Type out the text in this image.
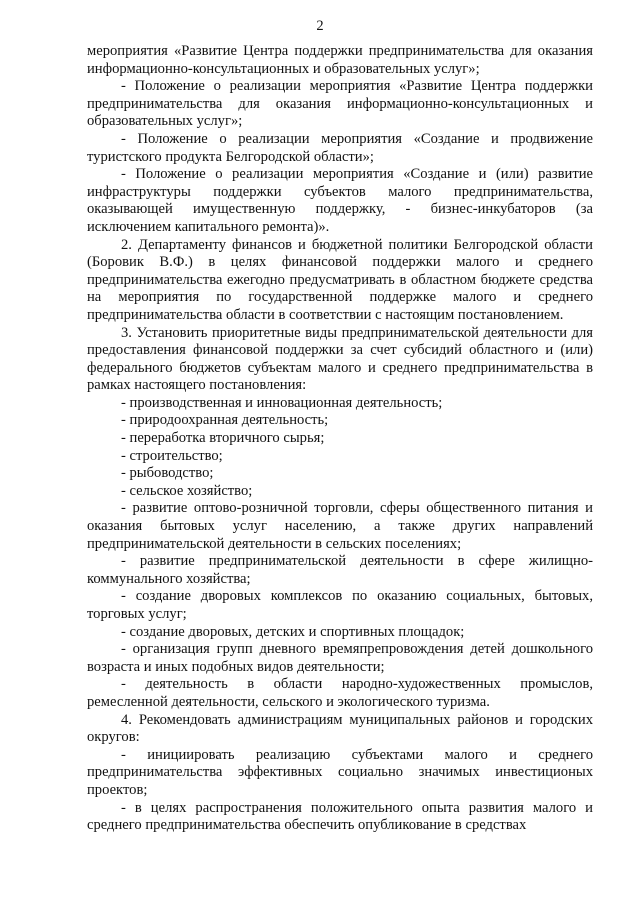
2

мероприятия «Развитие Центра поддержки предпринимательства для оказания информационно-консультационных и образовательных услуг»;

- Положение о реализации мероприятия «Развитие Центра поддержки предпринимательства для оказания информационно-консультационных и образовательных услуг»;

- Положение о реализации мероприятия «Создание и продвижение туристского продукта Белгородской области»;

- Положение о реализации мероприятия «Создание и (или) развитие инфраструктуры поддержки субъектов малого предпринимательства, оказывающей имущественную поддержку, - бизнес-инкубаторов (за исключением капитального ремонта)».

2. Департаменту финансов и бюджетной политики Белгородской области (Боровик В.Ф.) в целях финансовой поддержки малого и среднего предпринимательства ежегодно предусматривать в областном бюджете средства на мероприятия по государственной поддержке малого и среднего предпринимательства области в соответствии с настоящим постановлением.

3. Установить приоритетные виды предпринимательской деятельности для предоставления финансовой поддержки за счет субсидий областного и (или) федерального бюджетов субъектам малого и среднего предпринимательства в рамках настоящего постановления:

- производственная и инновационная деятельность;

- природоохранная деятельность;

- переработка вторичного сырья;

- строительство;

- рыбоводство;

- сельское хозяйство;

- развитие оптово-розничной торговли, сферы общественного питания и оказания бытовых услуг населению, а также других направлений предпринимательской деятельности в сельских поселениях;

- развитие предпринимательской деятельности в сфере жилищно-коммунального хозяйства;

- создание дворовых комплексов по оказанию социальных, бытовых, торговых услуг;

- создание дворовых, детских и спортивных площадок;

- организация групп дневного времяпрепровождения детей дошкольного возраста и иных подобных видов деятельности;

- деятельность в области народно-художественных промыслов, ремесленной деятельности, сельского и экологического туризма.

4. Рекомендовать администрациям муниципальных районов и городских округов:

- инициировать реализацию субъектами малого и среднего предпринимательства эффективных социально значимых инвестиционых проектов;

- в целях распространения положительного опыта развития малого и среднего предпринимательства обеспечить опубликование в средствах
